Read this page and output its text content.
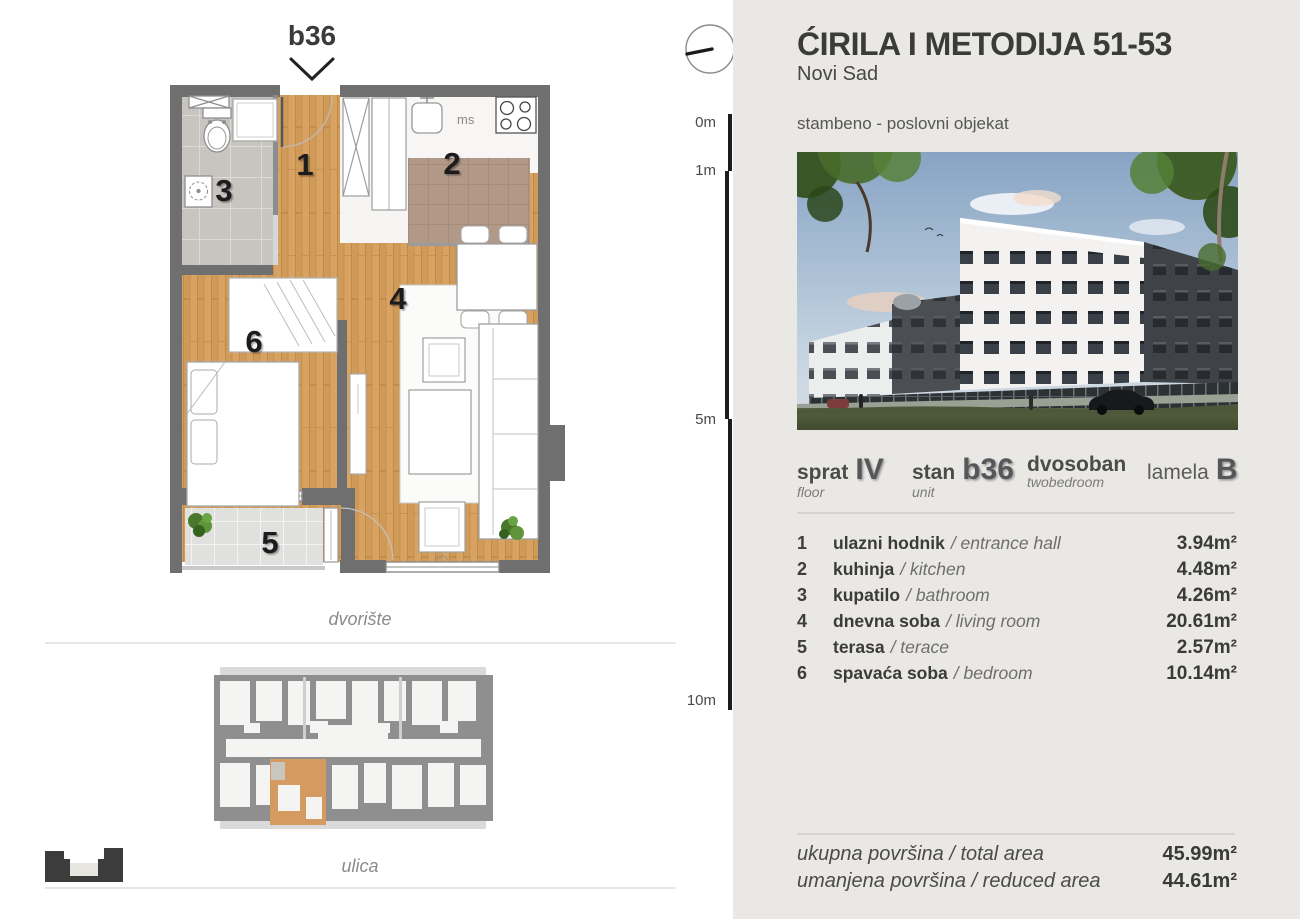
0m
1m
5m
10m
b36
ms
1	2
3
4
5
6
dvorište
ulica
ĆIRILA I METODIJA 51-53
Novi Sad
stambeno - poslovni objekat
sprat IV
floor
stan b36
unit
dvosoban
twobedroom	lamela B
1	ulazni hodnik / entrance hall	3.94m²
2	kuhinja / kitchen	4.48m²
3	kupatilo / bathroom	4.26m²
4	dnevna soba / living room	20.61m²
5	terasa / terace	2.57m²
6	spavaća soba / bedroom	10.14m²
ukupna površina / total area	45.99m²
umanjena površina / reduced area	44.61m²
